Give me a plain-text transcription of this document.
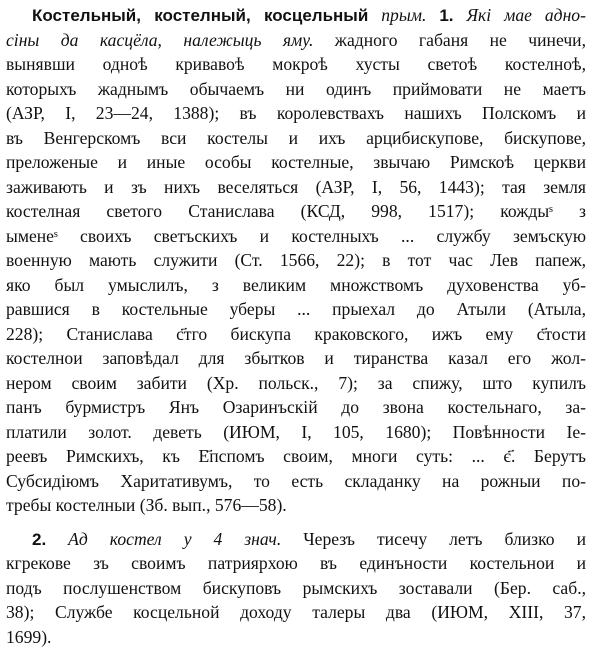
Костельный, костелный, косцельный прым. 1. Які мае адно-
сіны да касцёла, належыць яму. жадного габаня не чинечи,
вынявши одноѣ кривавоѣ мокроѣ хусты светоѣ костелноѣ,
которыхъ жаднымъ обычаемъ ни одинъ приймовати не маетъ
(АЗР, І, 23—24, 1388); въ королевствахъ нашихъ Полскомъ и
въ Венгерскомъ вси костелы и ихъ арцибискупове, бискупове,
преложеные и иные особы костелные, звычаю Римскоѣ церкви
заживають и зъ нихъ веселяться (АЗР, І, 56, 1443); тая земля
костелная светого Станислава (КСД, 998, 1517); кождыˢ з
ымене͏ˢ своихъ светъскихъ и костелныхъ ... службу земъскую
военную мають служити (Ст. 1566, 22); в тот час Лев папеж,
яко был умыслилъ, з великим множствомъ духовенства уб-
равшися в костельные уберы ... прыехал до Атыли (Атыла,
228); Станислава с҃тго бискупа краковского, ижъ ему с҃тости
костелнои заповѣдал для збытков и тиранства казал его жол-
нером своим забити (Хр. польск., 7); за спижу, што купилъ
панъ бурмистръ Янъ Озаринъскій до звона костельнаго, за-
платили золот. деветь (ИЮМ, І, 105, 1680); Повѣнности Іе-
реевъ Римскихъ, къ Е҃пспомъ своим, многи суть: ... є҃. Берутъ
Субсидіюмъ Харитативумъ, то есть складанку на рожныи по-
требы костелныи (Зб. вып., 576—58).
2. Ад костел у 4 знач. Черезъ тисечу летъ близко и
кгрекове зъ своимъ патриярхою въ единъности костельнои и
подъ послушенством бискуповъ рымскихъ зоставали (Бер. саб.,
38); Службе косцельной доходу талеры два (ИЮМ, XIII, 37,
1699).
